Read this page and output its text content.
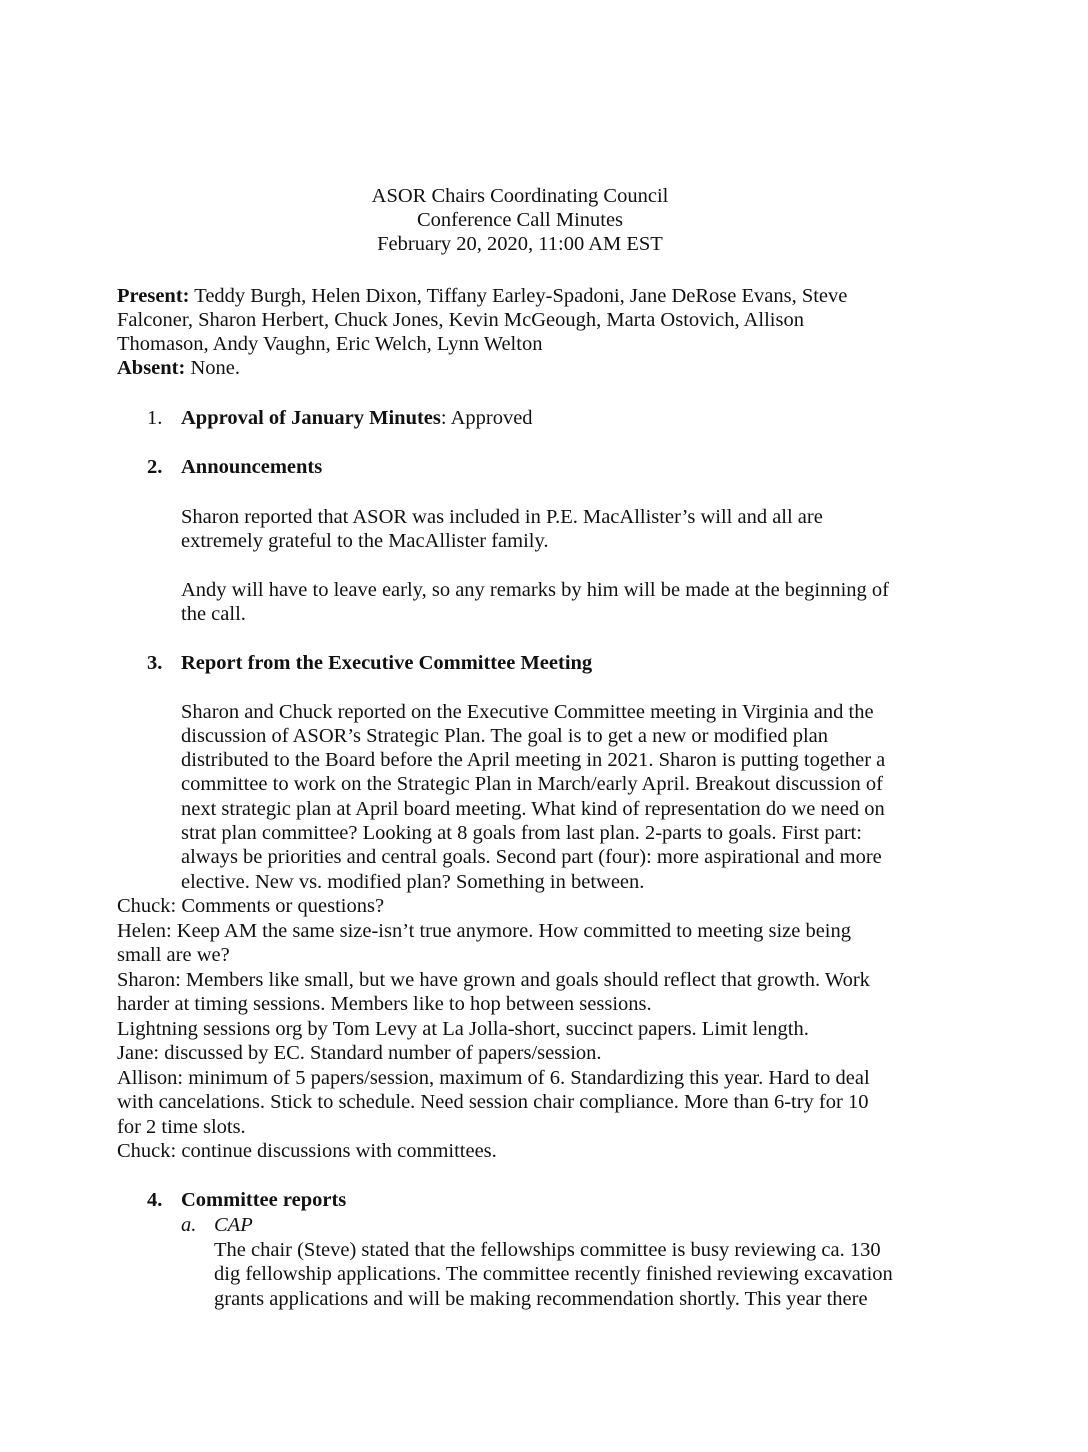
ASOR Chairs Coordinating Council
Conference Call Minutes
February 20, 2020, 11:00 AM EST
Present: Teddy Burgh, Helen Dixon, Tiffany Earley-Spadoni, Jane DeRose Evans, Steve
Falconer, Sharon Herbert, Chuck Jones, Kevin McGeough, Marta Ostovich, Allison
Thomason, Andy Vaughn, Eric Welch, Lynn Welton
Absent: None.
1. Approval of January Minutes: Approved
2. Announcements
Sharon reported that ASOR was included in P.E. MacAllister’s will and all are
extremely grateful to the MacAllister family.
Andy will have to leave early, so any remarks by him will be made at the beginning of
the call.
3. Report from the Executive Committee Meeting
Sharon and Chuck reported on the Executive Committee meeting in Virginia and the
discussion of ASOR’s Strategic Plan. The goal is to get a new or modified plan
distributed to the Board before the April meeting in 2021. Sharon is putting together a
committee to work on the Strategic Plan in March/early April. Breakout discussion of
next strategic plan at April board meeting. What kind of representation do we need on
strat plan committee? Looking at 8 goals from last plan. 2-parts to goals. First part:
always be priorities and central goals. Second part (four): more aspirational and more
elective. New vs. modified plan? Something in between.
Chuck: Comments or questions?
Helen: Keep AM the same size-isn’t true anymore. How committed to meeting size being
small are we?
Sharon: Members like small, but we have grown and goals should reflect that growth. Work
harder at timing sessions. Members like to hop between sessions.
Lightning sessions org by Tom Levy at La Jolla-short, succinct papers. Limit length.
Jane: discussed by EC. Standard number of papers/session.
Allison: minimum of 5 papers/session, maximum of 6. Standardizing this year. Hard to deal
with cancelations. Stick to schedule. Need session chair compliance. More than 6-try for 10
for 2 time slots.
Chuck: continue discussions with committees.
4. Committee reports
a. CAP
The chair (Steve) stated that the fellowships committee is busy reviewing ca. 130
dig fellowship applications. The committee recently finished reviewing excavation
grants applications and will be making recommendation shortly. This year there
